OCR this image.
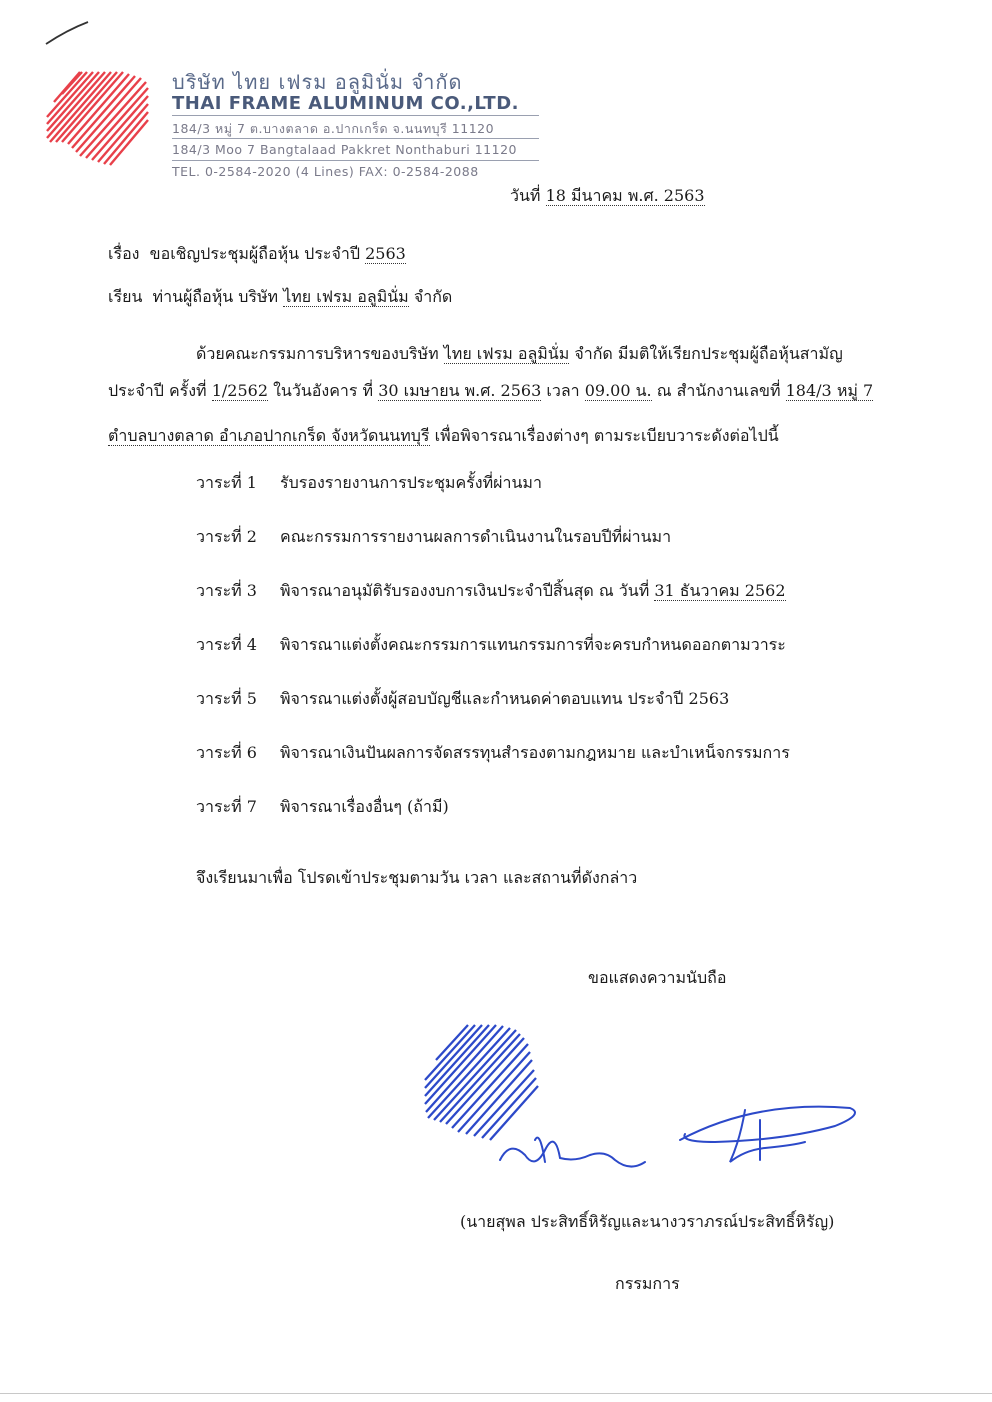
บริษัท ไทย เฟรม อลูมินั่ม จำกัด
THAI FRAME ALUMINUM CO.,LTD.
184/3 หมู่ 7 ต.บางตลาด อ.ปากเกร็ด จ.นนทบุรี 11120
184/3 Moo 7 Bangtalaad Pakkret Nonthaburi 11120
TEL. 0-2584-2020 (4 Lines) FAX: 0-2584-2088
วันที่ 18 มีนาคม พ.ศ. 2563
เรื่อง ขอเชิญประชุมผู้ถือหุ้น ประจำปี 2563
เรียน ท่านผู้ถือหุ้น บริษัท ไทย เฟรม อลูมินั่ม จำกัด
ด้วยคณะกรรมการบริหารของบริษัท ไทย เฟรม อลูมินั่ม จำกัด มีมติให้เรียกประชุมผู้ถือหุ้นสามัญ
ประจำปี ครั้งที่ 1/2562 ในวันอังคาร ที่ 30 เมษายน พ.ศ. 2563 เวลา 09.00 น. ณ สำนักงานเลขที่ 184/3 หมู่ 7
ตำบลบางตลาด อำเภอปากเกร็ด จังหวัดนนทบุรี เพื่อพิจารณาเรื่องต่างๆ ตามระเบียบวาระดังต่อไปนี้
วาระที่ 1 รับรองรายงานการประชุมครั้งที่ผ่านมา
วาระที่ 2 คณะกรรมการรายงานผลการดำเนินงานในรอบปีที่ผ่านมา
วาระที่ 3 พิจารณาอนุมัติรับรองงบการเงินประจำปีสิ้นสุด ณ วันที่ 31 ธันวาคม 2562
วาระที่ 4 พิจารณาแต่งตั้งคณะกรรมการแทนกรรมการที่จะครบกำหนดออกตามวาระ
วาระที่ 5 พิจารณาแต่งตั้งผู้สอบบัญชีและกำหนดค่าตอบแทน ประจำปี 2563
วาระที่ 6 พิจารณาเงินปันผลการจัดสรรทุนสำรองตามกฎหมาย และบำเหน็จกรรมการ
วาระที่ 7 พิจารณาเรื่องอื่นๆ (ถ้ามี)
จึงเรียนมาเพื่อ โปรดเข้าประชุมตามวัน เวลา และสถานที่ดังกล่าว
ขอแสดงความนับถือ
(นายสุพล ประสิทธิ์หิรัญและนางวราภรณ์ประสิทธิ์หิรัญ)
กรรมการ
